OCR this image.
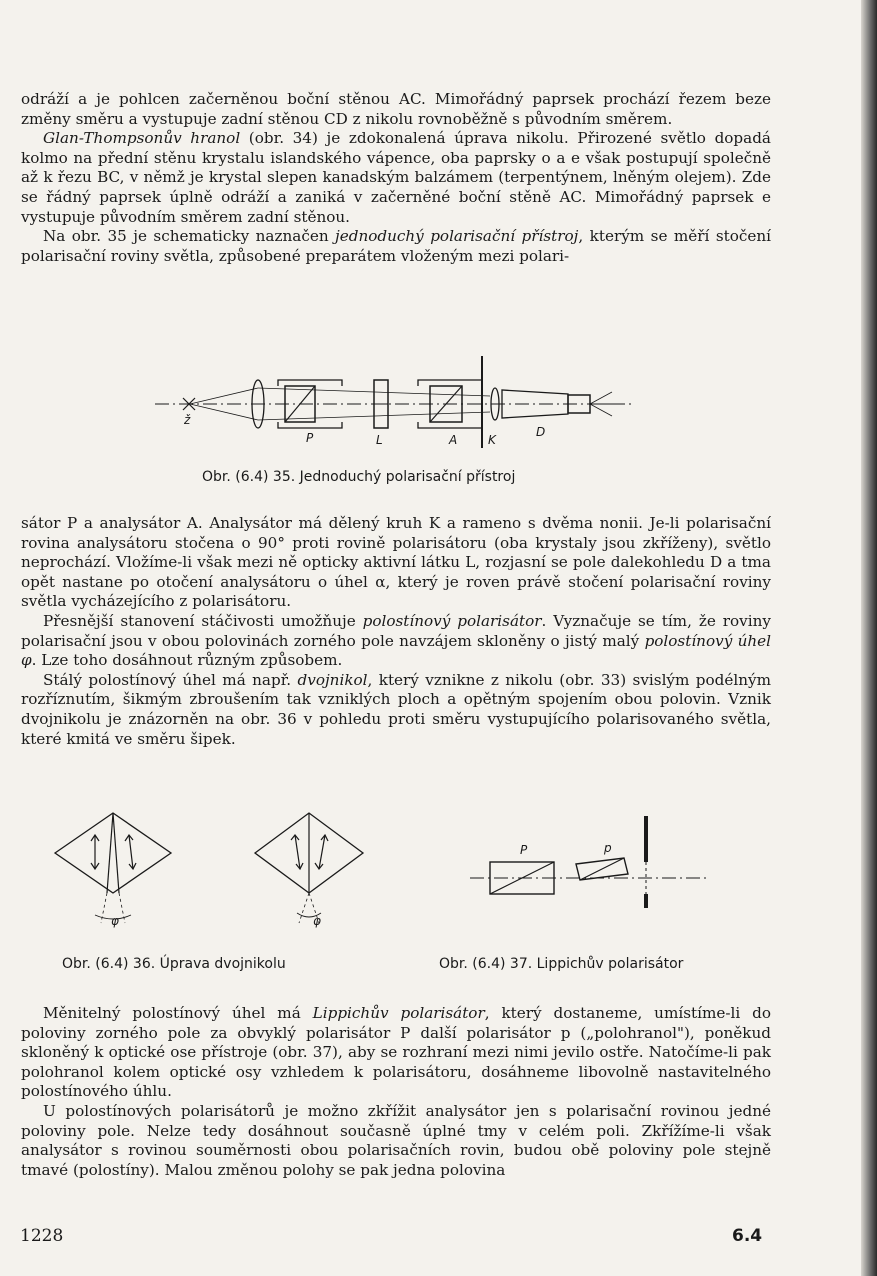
odráží a je pohlcen začerněnou boční stěnou AC. Mimořádný paprsek prochází řezem beze změny směru a vystupuje zadní stěnou CD z nikolu rovnoběžně s původním směrem.

Glan-Thompsonův hranol (obr. 34) je zdokonalená úprava nikolu. Přirozené světlo dopadá kolmo na přední stěnu krystalu islandského vápence, oba paprsky o a e však postupují společně až k řezu BC, v němž je krystal slepen kanadským balzámem (terpentýnem, lněným olejem). Zde se řádný paprsek úplně odráží a zaniká v začerněné boční stěně AC. Mimořádný paprsek e vystupuje původním směrem zadní stěnou.

Na obr. 35 je schematicky naznačen jednoduchý polarisační přístroj, kterým se měří stočení polarisační roviny světla, způsobené preparátem vloženým mezi polari-

ž
P	L	A	K
D
Obr. (6.4) 35. Jednoduchý polarisační přístroj

sátor P a analysátor A. Analysátor má dělený kruh K a rameno s dvěma nonii. Je-li polarisační rovina analysátoru stočena o 90° proti rovině polarisátoru (oba krystaly jsou zkříženy), světlo neprochází. Vložíme-li však mezi ně opticky aktivní látku L, rozjasní se pole dalekohledu D a tma opět nastane po otočení analysátoru o úhel α, který je roven právě stočení polarisační roviny světla vycházejícího z polarisátoru.

Přesnější stanovení stáčivosti umožňuje polostínový polarisátor. Vyznačuje se tím, že roviny polarisační jsou v obou polovinách zorného pole navzájem skloněny o jistý malý polostínový úhel φ. Lze toho dosáhnout různým způsobem.

Stálý polostínový úhel má např. dvojnikol, který vznikne z nikolu (obr. 33) svislým podélným rozříznutím, šikmým zbroušením tak vzniklých ploch a opětným spojením obou polovin. Vznik dvojnikolu je znázorněn na obr. 36 v pohledu proti směru vystupujícího polarisovaného světla, které kmitá ve směru šipek.

φ	φ
Obr. (6.4) 36. Úprava dvojnikolu
P	p
Obr. (6.4) 37. Lippichův polarisátor

Měnitelný polostínový úhel má Lippichův polarisátor, který dostaneme, umístíme-li do poloviny zorného pole za obvyklý polarisátor P další polarisátor p („polohranol"), poněkud skloněný k optické ose přístroje (obr. 37), aby se rozhraní mezi nimi jevilo ostře. Natočíme-li pak polohranol kolem optické osy vzhledem k polarisátoru, dosáhneme libovolně nastavitelného polostínového úhlu.

U polostínových polarisátorů je možno zkřížit analysátor jen s polarisační rovinou jedné poloviny pole. Nelze tedy dosáhnout současně úplné tmy v celém poli. Zkřížíme-li však analysátor s rovinou souměrnosti obou polarisačních rovin, budou obě poloviny pole stejně tmavé (polostíny). Malou změnou polohy se pak jedna polovina

1228	6.4
